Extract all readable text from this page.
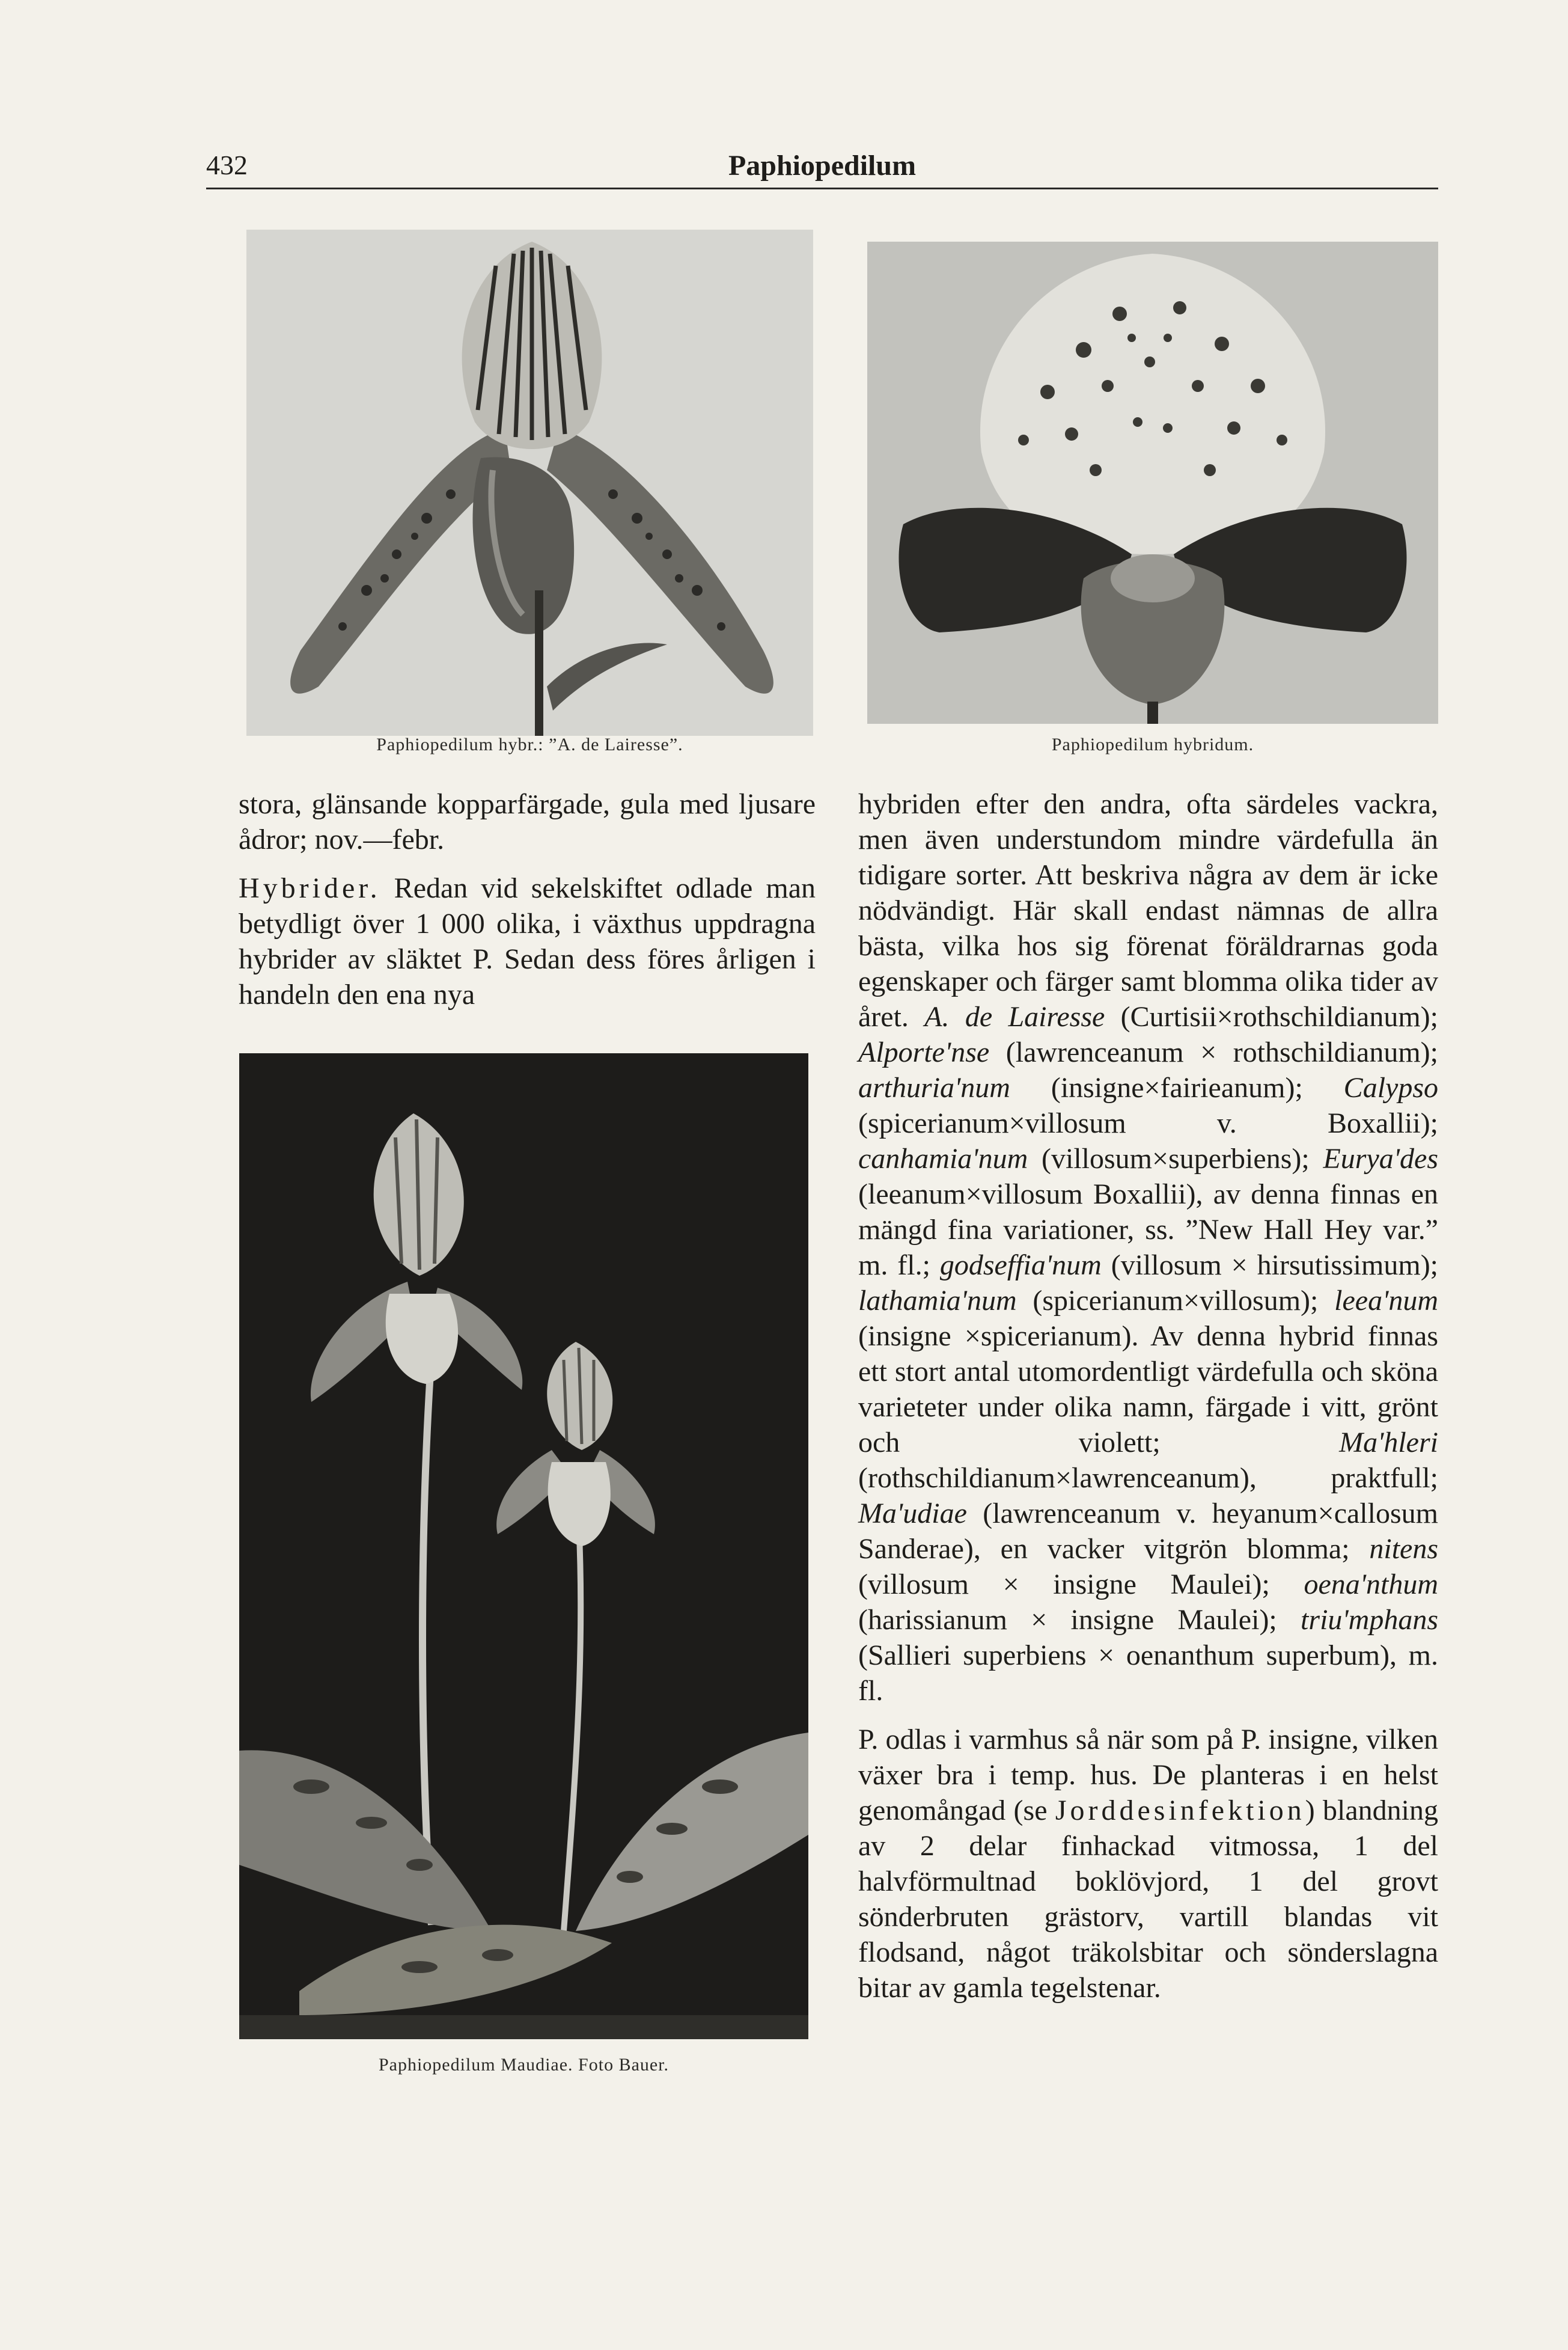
432	Paphiopedilum
Paphiopedilum hybr.: ”A. de Lairesse”.	Paphiopedilum hybridum.
Paphiopedilum Maudiae. Foto Bauer.

stora, glänsande kopparfärgade, gula med ljusare ådror; nov.—febr.

Hybrider. Redan vid sekelskiftet odlade man betydligt över 1 000 olika, i växthus uppdragna hybrider av släktet P. Sedan dess föres årligen i handeln den ena nya

hybriden efter den andra, ofta särdeles vackra, men även understundom mindre värdefulla än tidigare sorter. Att beskriva några av dem är icke nödvändigt. Här skall endast nämnas de allra bästa, vilka hos sig förenat föräldrarnas goda egenskaper och färger samt blomma olika tider av året. A. de Lairesse (Curtisii×rothschildianum); Alporte'nse (lawrenceanum × rothschildianum); arthuria'num (insigne×fairieanum); Calypso (spicerianum×villosum v. Boxallii); canhamia'num (villosum×superbiens); Eurya'des (leeanum×villosum Boxallii), av denna finnas en mängd fina variationer, ss. ”New Hall Hey var.” m. fl.; godseffia'num (villosum × hirsutissimum); lathamia'num (spicerianum×villosum); leea'num (insigne ×spicerianum). Av denna hybrid finnas ett stort antal utomordentligt värdefulla och sköna varieteter under olika namn, färgade i vitt, grönt och violett;	Ma'hleri (rothschildianum×lawrenceanum), praktfull; Ma'udiae (lawrenceanum v. heyanum×callosum Sanderae), en vacker vitgrön blomma; nitens (villosum × insigne Maulei); oena'nthum (harissianum × insigne Maulei); triu'mphans (Sallieri superbiens × oenanthum superbum), m. fl.

P. odlas i varmhus så när som på P. insigne, vilken växer bra i temp. hus. De planteras i en helst genomångad (se Jorddesinfektion) blandning av 2 delar finhackad vitmossa, 1 del halvförmultnad boklövjord, 1 del grovt sönderbruten grästorv, vartill blandas vit flodsand, något träkolsbitar och sönderslagna bitar av gamla tegelstenar.
